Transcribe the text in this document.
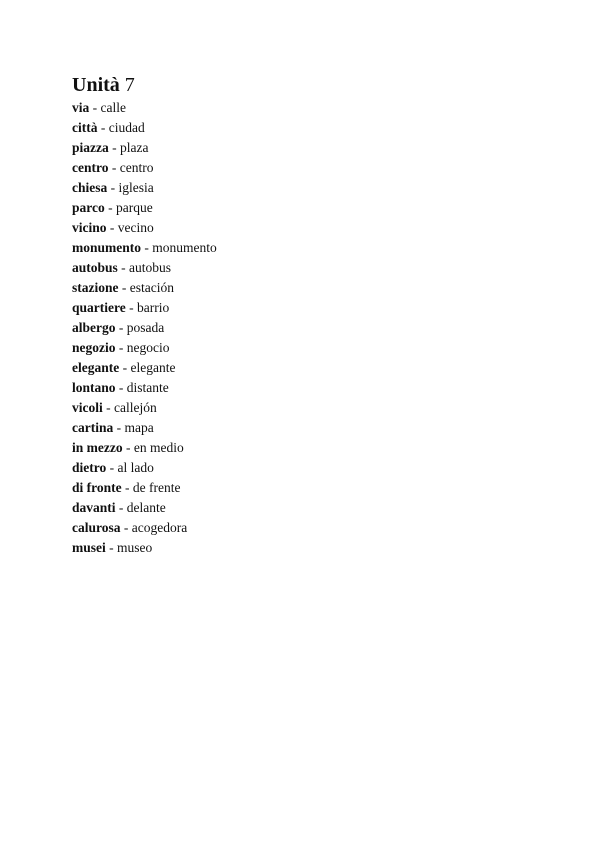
Unità 7
via - calle
città - ciudad
piazza - plaza
centro - centro
chiesa - iglesia
parco - parque
vicino - vecino
monumento - monumento
autobus - autobus
stazione - estación
quartiere - barrio
albergo - posada
negozio - negocio
elegante - elegante
lontano - distante
vicoli - callejón
cartina - mapa
in mezzo - en medio
dietro - al lado
di fronte - de frente
davanti - delante
calurosa - acogedora
musei - museo
